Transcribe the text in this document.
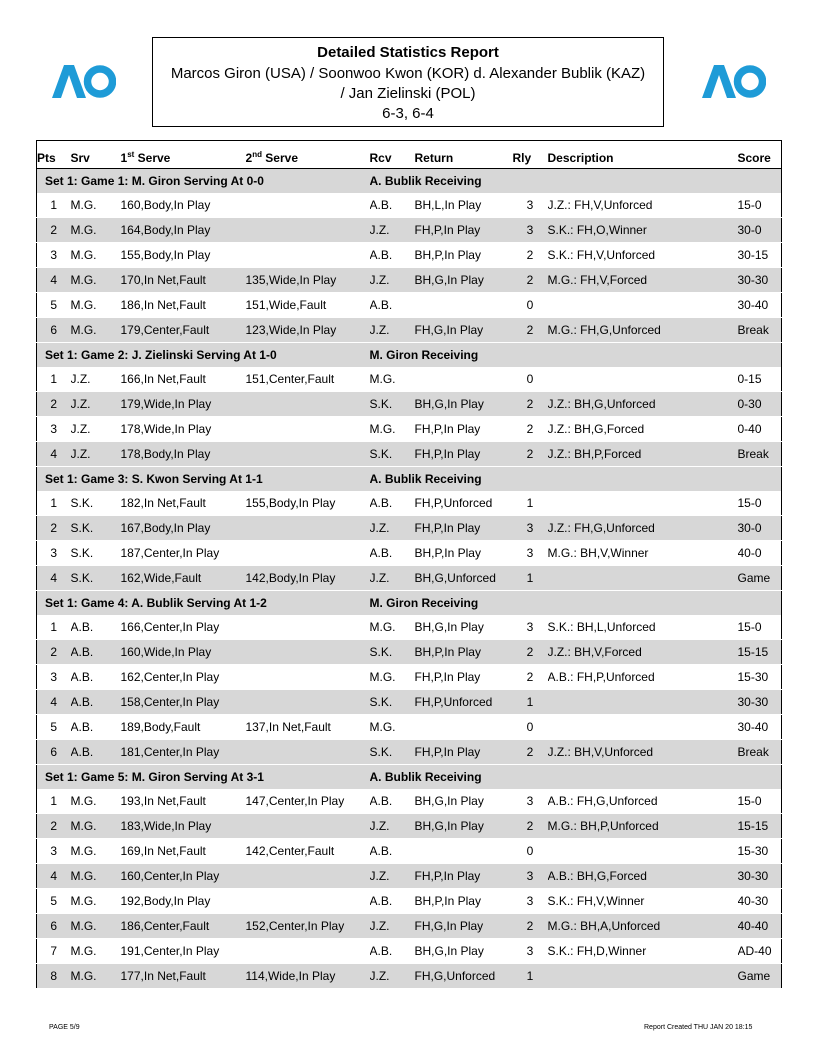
Detailed Statistics Report
Marcos Giron (USA) / Soonwoo Kwon (KOR) d. Alexander Bublik (KAZ)
/ Jan Zielinski (POL)
6-3, 6-4
Pts	Srv	1st Serve	2nd Serve	Rcv	Return	Rly	Description	Score
Set 1: Game 1: M. Giron Serving At 0-0				A. Bublik Receiving				
1	M.G.	160,Body,In Play		A.B.	BH,L,In Play	3	J.Z.: FH,V,Unforced	15-0
2	M.G.	164,Body,In Play		J.Z.	FH,P,In Play	3	S.K.: FH,O,Winner	30-0
3	M.G.	155,Body,In Play		A.B.	BH,P,In Play	2	S.K.: FH,V,Unforced	30-15
4	M.G.	170,In Net,Fault	135,Wide,In Play	J.Z.	BH,G,In Play	2	M.G.: FH,V,Forced	30-30
5	M.G.	186,In Net,Fault	151,Wide,Fault	A.B.		0		30-40
6	M.G.	179,Center,Fault	123,Wide,In Play	J.Z.	FH,G,In Play	2	M.G.: FH,G,Unforced	Break
Set 1: Game 2: J. Zielinski Serving At 1-0				M. Giron Receiving				
1	J.Z.	166,In Net,Fault	151,Center,Fault	M.G.		0		0-15
2	J.Z.	179,Wide,In Play		S.K.	BH,G,In Play	2	J.Z.: BH,G,Unforced	0-30
3	J.Z.	178,Wide,In Play		M.G.	FH,P,In Play	2	J.Z.: BH,G,Forced	0-40
4	J.Z.	178,Body,In Play		S.K.	FH,P,In Play	2	J.Z.: BH,P,Forced	Break
Set 1: Game 3: S. Kwon Serving At 1-1				A. Bublik Receiving				
1	S.K.	182,In Net,Fault	155,Body,In Play	A.B.	FH,P,Unforced	1		15-0
2	S.K.	167,Body,In Play		J.Z.	FH,P,In Play	3	J.Z.: FH,G,Unforced	30-0
3	S.K.	187,Center,In Play		A.B.	BH,P,In Play	3	M.G.: BH,V,Winner	40-0
4	S.K.	162,Wide,Fault	142,Body,In Play	J.Z.	BH,G,Unforced	1		Game
Set 1: Game 4: A. Bublik Serving At 1-2				M. Giron Receiving				
1	A.B.	166,Center,In Play		M.G.	BH,G,In Play	3	S.K.: BH,L,Unforced	15-0
2	A.B.	160,Wide,In Play		S.K.	BH,P,In Play	2	J.Z.: BH,V,Forced	15-15
3	A.B.	162,Center,In Play		M.G.	FH,P,In Play	2	A.B.: FH,P,Unforced	15-30
4	A.B.	158,Center,In Play		S.K.	FH,P,Unforced	1		30-30
5	A.B.	189,Body,Fault	137,In Net,Fault	M.G.		0		30-40
6	A.B.	181,Center,In Play		S.K.	FH,P,In Play	2	J.Z.: BH,V,Unforced	Break
Set 1: Game 5: M. Giron Serving At 3-1				A. Bublik Receiving				
1	M.G.	193,In Net,Fault	147,Center,In Play	A.B.	BH,G,In Play	3	A.B.: FH,G,Unforced	15-0
2	M.G.	183,Wide,In Play		J.Z.	BH,G,In Play	2	M.G.: BH,P,Unforced	15-15
3	M.G.	169,In Net,Fault	142,Center,Fault	A.B.		0		15-30
4	M.G.	160,Center,In Play		J.Z.	FH,P,In Play	3	A.B.: BH,G,Forced	30-30
5	M.G.	192,Body,In Play		A.B.	BH,P,In Play	3	S.K.: FH,V,Winner	40-30
6	M.G.	186,Center,Fault	152,Center,In Play	J.Z.	FH,G,In Play	2	M.G.: BH,A,Unforced	40-40
7	M.G.	191,Center,In Play		A.B.	BH,G,In Play	3	S.K.: FH,D,Winner	AD-40
8	M.G.	177,In Net,Fault	114,Wide,In Play	J.Z.	FH,G,Unforced	1		Game
PAGE 5/9	Report Created THU JAN 20 18:15
